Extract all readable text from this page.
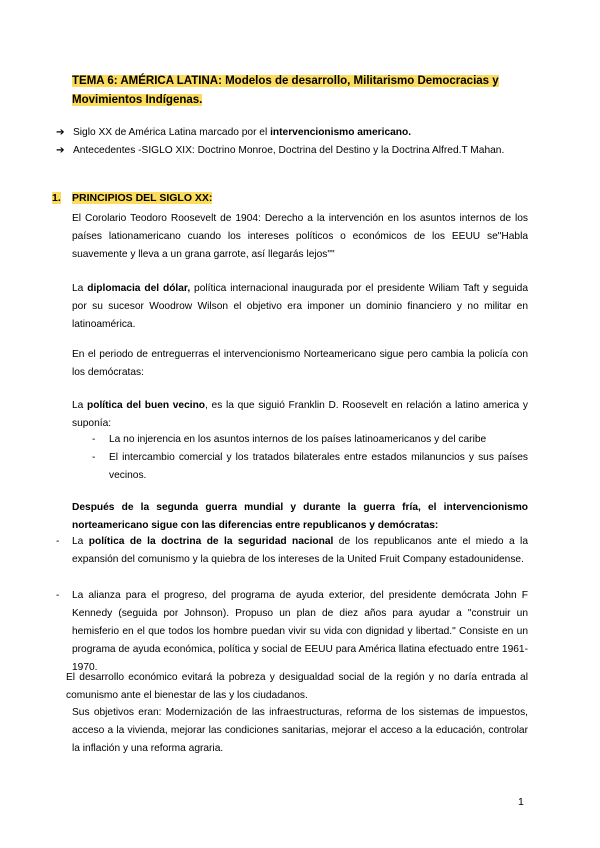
TEMA 6: AMÉRICA LATINA: Modelos de desarrollo, Militarismo Democracias y
Movimientos Indígenas.
➔ Siglo XX de América Latina marcado por el intervencionismo americano.
➔ Antecedentes -SIGLO XIX: Doctrino Monroe, Doctrina del Destino y la Doctrina Alfred.T Mahan.
1. PRINCIPIOS DEL SIGLO XX:

El Corolario Teodoro Roosevelt de 1904: Derecho a la intervención en los asuntos internos de los países lationamericano cuando los intereses políticos o económicos de los EEUU se"Habla suavemente y lleva a un grana garrote, así llegarás lejos""

La diplomacia del dólar, política internacional inaugurada por el presidente Wiliam Taft y seguida por su sucesor Woodrow Wilson el objetivo era imponer un dominio financiero y no militar en latinoamérica.

En el periodo de entreguerras el intervencionismo Norteamericano sigue pero cambia la policía con los demócratas:

La política del buen vecino, es la que siguió Franklin D. Roosevelt en relación a latino america y suponía:

- La no injerencia en los asuntos internos de los países latinoamericanos y del caribe

- El intercambio comercial y los tratados bilaterales entre estados milanuncios y sus países vecinos.

Después de la segunda guerra mundial y durante la guerra fría, el intervencionismo norteamericano sigue con las diferencias entre republicanos y demócratas:

- La política de la doctrina de la seguridad nacional de los republicanos ante el miedo a la expansión del comunismo y la quiebra de los intereses de la United Fruit Company estadounidense.

- La alianza para el progreso, del programa de ayuda exterior, del presidente demócrata John F Kennedy (seguida por Johnson). Propuso un plan de diez años para ayudar a "construir un hemisferio en el que todos los hombre puedan vivir su vida con dignidad y libertad." Consiste en un programa de ayuda económica, política y social de EEUU para América llatina efectuado entre 1961-1970.

El desarrollo económico evitará la pobreza y desigualdad social de la región y no daría entrada al comunismo ante el bienestar de las y los ciudadanos.

Sus objetivos eran: Modernización de las infraestructuras, reforma de los sistemas de impuestos, acceso a la vivienda, mejorar las condiciones sanitarias, mejorar el acceso a la educación, controlar la inflación y una reforma agraria.

1
